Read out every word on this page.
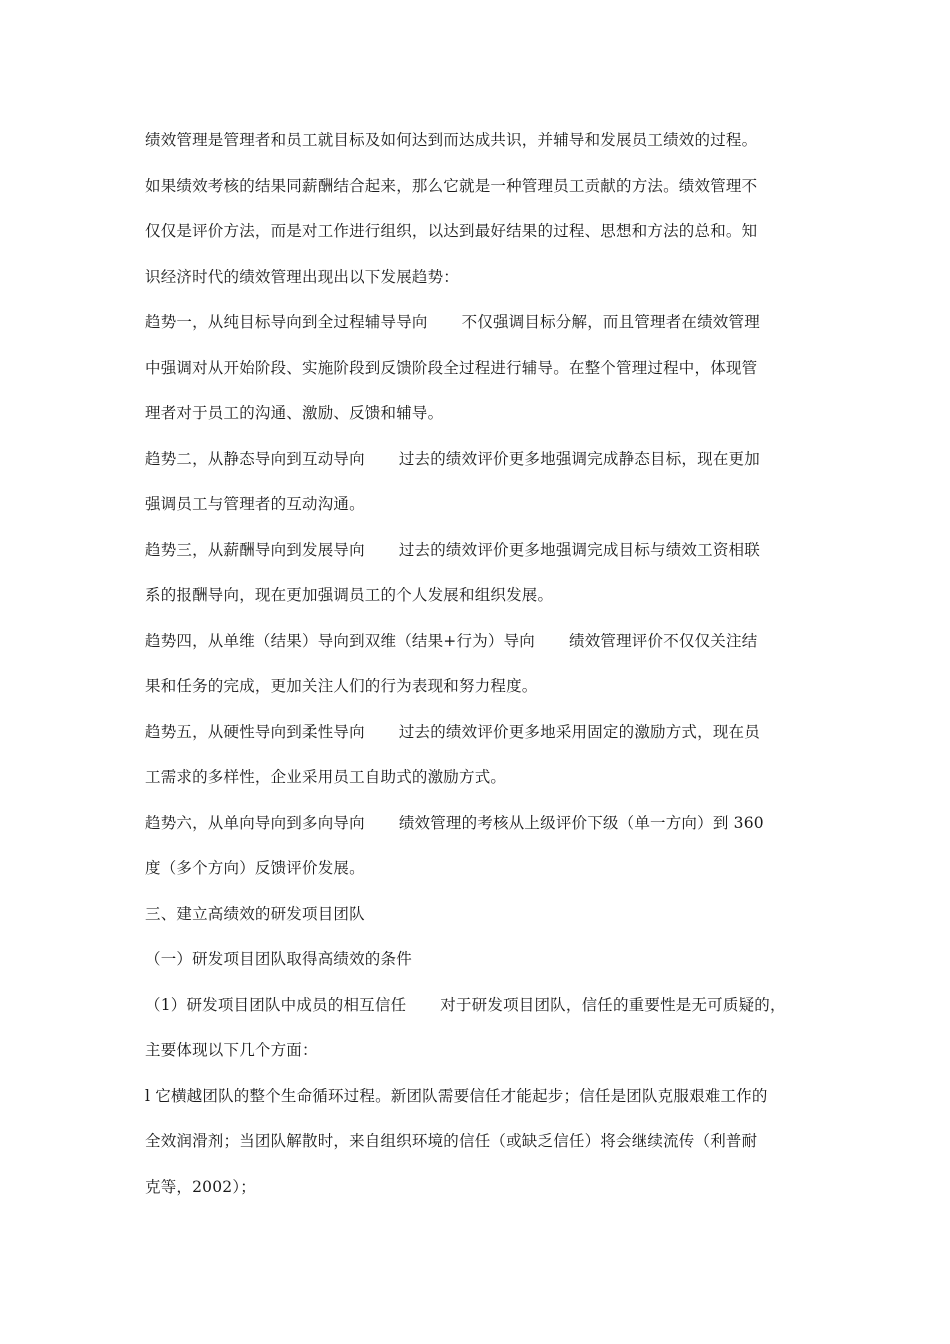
绩效管理是管理者和员工就目标及如何达到而达成共识，并辅导和发展员工绩效的过程。
如果绩效考核的结果同薪酬结合起来，那么它就是一种管理员工贡献的方法。绩效管理不
仅仅是评价方法，而是对工作进行组织，以达到最好结果的过程、思想和方法的总和。知
识经济时代的绩效管理出现出以下发展趋势：
趋势一，从纯目标导向到全过程辅导导向 不仅强调目标分解，而且管理者在绩效管理
中强调对从开始阶段、实施阶段到反馈阶段全过程进行辅导。在整个管理过程中，体现管
理者对于员工的沟通、激励、反馈和辅导。
趋势二，从静态导向到互动导向 过去的绩效评价更多地强调完成静态目标，现在更加
强调员工与管理者的互动沟通。
趋势三，从薪酬导向到发展导向 过去的绩效评价更多地强调完成目标与绩效工资相联
系的报酬导向，现在更加强调员工的个人发展和组织发展。
趋势四，从单维（结果）导向到双维（结果+行为）导向 绩效管理评价不仅仅关注结
果和任务的完成，更加关注人们的行为表现和努力程度。
趋势五，从硬性导向到柔性导向 过去的绩效评价更多地采用固定的激励方式，现在员
工需求的多样性，企业采用员工自助式的激励方式。
趋势六，从单向导向到多向导向 绩效管理的考核从上级评价下级（单一方向）到 360
度（多个方向）反馈评价发展。
三、建立高绩效的研发项目团队
（一）研发项目团队取得高绩效的条件
（1）研发项目团队中成员的相互信任 对于研发项目团队，信任的重要性是无可质疑的，
主要体现以下几个方面：
l 它横越团队的整个生命循环过程。新团队需要信任才能起步；信任是团队克服艰难工作的
全效润滑剂；当团队解散时，来自组织环境的信任（或缺乏信任）将会继续流传（利普耐
克等，2002）；
